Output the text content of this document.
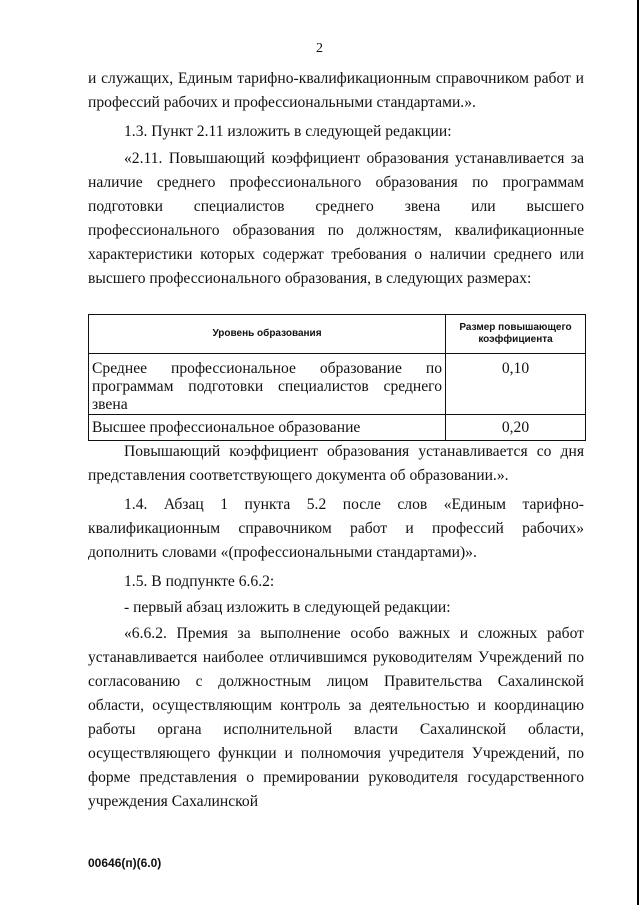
2
и служащих, Единым тарифно-квалификационным справочником работ и профессий рабочих и профессиональными стандартами.».
1.3. Пункт 2.11 изложить в следующей редакции:
«2.11. Повышающий коэффициент образования устанавливается за наличие среднего профессионального образования по программам подготовки специалистов среднего звена или высшего профессионального образования по должностям, квалификационные характеристики которых содержат требования о наличии среднего или высшего профессионального образования, в следующих размерах:
Уровень образования	Размер повышающего коэффициента

Среднее профессиональное образование по программам подготовки специалистов среднего звена	0,10

Высшее профессиональное образование	0,20
Повышающий коэффициент образования устанавливается со дня представления соответствующего документа об образовании.».
1.4. Абзац 1 пункта 5.2 после слов «Единым тарифно-квалификационным справочником работ и профессий рабочих» дополнить словами «(профессиональными стандартами)».
1.5. В подпункте 6.6.2:
- первый абзац изложить в следующей редакции:
«6.6.2. Премия за выполнение особо важных и сложных работ устанавливается наиболее отличившимся руководителям Учреждений по согласованию с должностным лицом Правительства Сахалинской области, осуществляющим контроль за деятельностью и координацию работы органа исполнительной власти Сахалинской области, осуществляющего функции и полномочия учредителя Учреждений, по форме представления о премировании руководителя государственного учреждения Сахалинской
00646(п)(6.0)
